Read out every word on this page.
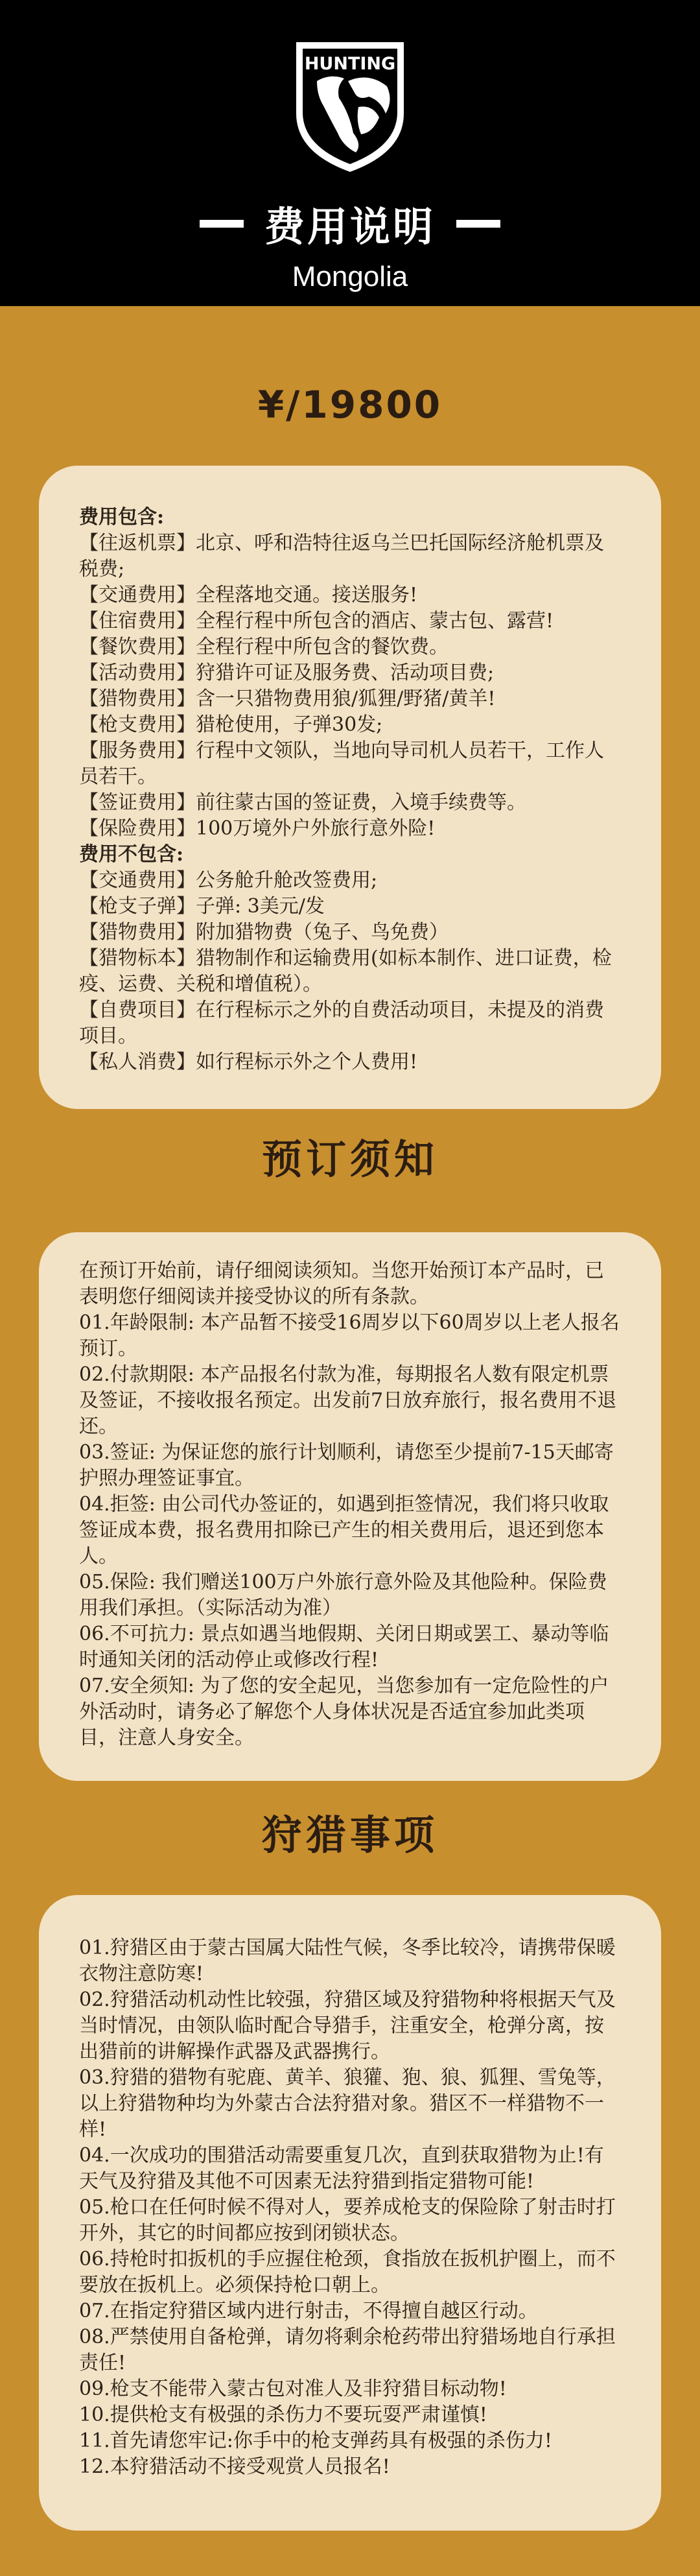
HUNTING
费用说明
Mongolia
¥/19800

费用包含:

【往返机票】北京、呼和浩特往返乌兰巴托国际经济舱机票及税费;

【交通费用】全程落地交通。接送服务!

【住宿费用】全程行程中所包含的酒店、蒙古包、露营!

【餐饮费用】全程行程中所包含的餐饮费。

【活动费用】狩猎许可证及服务费、活动项目费;

【猎物费用】含一只猎物费用狼/狐狸/野猪/黄羊!

【枪支费用】猎枪使用，子弹30发;

【服务费用】行程中文领队，当地向导司机人员若干，工作人员若干。

【签证费用】前往蒙古国的签证费，入境手续费等。

【保险费用】100万境外户外旅行意外险!

费用不包含:

【交通费用】公务舱升舱改签费用;

【枪支子弹】子弹: 3美元/发

【猎物费用】附加猎物费（兔子、鸟免费）

【猎物标本】猎物制作和运输费用(如标本制作、进口证费，检疫、运费、关税和增值税）。

【自费项目】在行程标示之外的自费活动项目，未提及的消费项目。

【私人消费】如行程标示外之个人费用!

预订须知

在预订开始前，请仔细阅读须知。当您开始预订本产品时，已表明您仔细阅读并接受协议的所有条款。

01.年龄限制: 本产品暂不接受16周岁以下60周岁以上老人报名预订。

02.付款期限: 本产品报名付款为准，每期报名人数有限定机票及签证，不接收报名预定。出发前7日放弃旅行，报名费用不退还。

03.签证: 为保证您的旅行计划顺利，请您至少提前7-15天邮寄护照办理签证事宜。

04.拒签: 由公司代办签证的，如遇到拒签情况，我们将只收取签证成本费，报名费用扣除已产生的相关费用后，退还到您本人。

05.保险: 我们赠送100万户外旅行意外险及其他险种。保险费用我们承担。（实际活动为准）

06.不可抗力: 景点如遇当地假期、关闭日期或罢工、暴动等临时通知关闭的活动停止或修改行程!

07.安全须知: 为了您的安全起见，当您参加有一定危险性的户外活动时，请务必了解您个人身体状况是否适宜参加此类项目，注意人身安全。

狩猎事项

01.狩猎区由于蒙古国属大陆性气候，冬季比较冷，请携带保暖衣物注意防寒!

02.狩猎活动机动性比较强，狩猎区域及狩猎物种将根据天气及当时情况，由领队临时配合导猎手，注重安全，枪弹分离，按出猎前的讲解操作武器及武器携行。

03.狩猎的猎物有驼鹿、黄羊、狼獾、狍、狼、狐狸、雪兔等，以上狩猎物种均为外蒙古合法狩猎对象。猎区不一样猎物不一样!

04.一次成功的围猎活动需要重复几次，直到获取猎物为止!有天气及狩猎及其他不可因素无法狩猎到指定猎物可能!

05.枪口在任何时候不得对人，要养成枪支的保险除了射击时打开外，其它的时间都应按到闭锁状态。

06.持枪时扣扳机的手应握住枪颈，食指放在扳机护圈上，而不要放在扳机上。必须保持枪口朝上。

07.在指定狩猎区域内进行射击，不得擅自越区行动。

08.严禁使用自备枪弹，请勿将剩余枪药带出狩猎场地自行承担责任!

09.枪支不能带入蒙古包对准人及非狩猎目标动物!

10.提供枪支有极强的杀伤力不要玩耍严肃谨慎!

11.首先请您牢记:你手中的枪支弹药具有极强的杀伤力!

12.本狩猎活动不接受观赏人员报名!
